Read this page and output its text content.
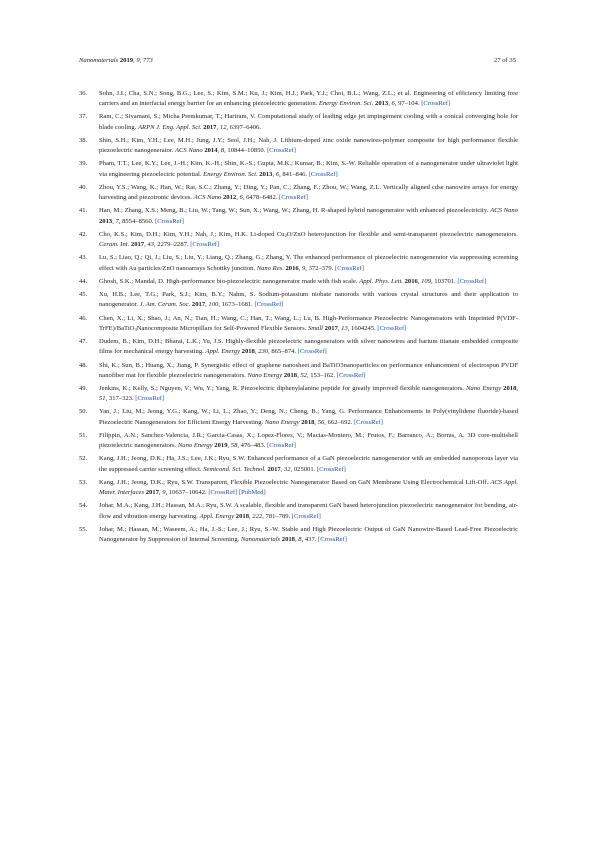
Nanomaterials 2019, 9, 773	27 of 35
36.	Sohn, J.I.; Cha, S.N.; Song, B.G.; Lee, S.; Kim, S.M.; Ku, J.; Kim, H.J.; Park, Y.J.; Choi, B.L.; Wang, Z.L.; et al. Engineering of efficiency limiting free carriers and an interfacial energy barrier for an enhancing piezoelectric generation. Energy Environ. Sci. 2013, 6, 97–104. [CrossRef]
37.	Ram, C.; Sivamani, S.; Micha Premkumar, T.; Hariram, V. Computational study of leading edge jet impingement cooling with a conical converging hole for blade cooling. ARPN J. Eng. Appl. Sci. 2017, 12, 6397–6406.
38.	Shin, S.H.; Kim, Y.H.; Lee, M.H.; Jung, J.Y.; Seol, J.H.; Nah, J. Lithium-doped zinc oxide nanowires-polymer composite for high performance flexible piezoelectric nanogenerator. ACS Nano 2014, 8, 10844–10850. [CrossRef]
39.	Pham, T.T.; Lee, K.Y.; Lee, J.-H.; Kim, K.-H.; Shin, K.-S.; Gupta, M.K.; Kumar, B.; Kim, S.-W. Reliable operation of a nanogenerator under ultraviolet light via engineering piezoelectric potential. Energy Environ. Sci. 2013, 6, 841–846. [CrossRef]
40.	Zhou, Y.S.; Wang, K.; Han, W.; Rai, S.C.; Zhang, Y.; Ding, Y.; Pan, C.; Zhang, F.; Zhou, W.; Wang, Z.L. Vertically aligned cdse nanowire arrays for energy harvesting and piezotronic devices. ACS Nano 2012, 6, 6478–6482. [CrossRef]
41.	Han, M.; Zhang, X.S.; Meng, B.; Liu, W.; Tang, W.; Sun, X.; Wang, W.; Zhang, H. R-shaped hybrid nanogenerator with enhanced piezoelectricity. ACS Nano 2013, 7, 8554–8560. [CrossRef]
42.	Cho, K.S.; Kim, D.H.; Kim, Y.H.; Nah, J.; Kim, H.K. Li-doped $Cu_2O$/ZnO heterojunction for flexible and semi-transparent piezoelectric nanogenerators. Ceram. Int. 2017, 43, 2279–2287. [CrossRef]
43.	Lu, S.; Liao, Q.; Qi, J.; Liu, S.; Liu, Y.; Liang, Q.; Zhang, G.; Zhang, Y. The enhanced performance of piezoelectric nanogenerator via suppressing screening effect with Au particles/ZnO nanoarrays Schottky junction. Nano Res. 2016, 9, 372–379. [CrossRef]
44.	Ghosh, S.K.; Mandal, D. High-performance bio-piezoelectric nanogenerator made with fish scale. Appl. Phys. Lett. 2016, 109, 103701. [CrossRef]
45.	Xu, H.B.; Lee, T.G.; Park, S.J.; Kim, B.Y.; Nahm, S. Sodium-potassium niobate nanorods with various crystal structures and their application to nanogenerator. J. Am. Ceram. Soc. 2017, 100, 1673–1681. [CrossRef]
46.	Chen, X.; Li, X.; Shao, J.; An, N.; Tian, H.; Wang, C.; Han, T.; Wang, L.; Lu, B. High-Performance Piezoelectric Nanogenerators with Imprinted P(VDF-TrFE)/BaTiO$_3$Nanocomposite Micropillars for Self-Powered Flexible Sensors. Small 2017, 13, 1604245. [CrossRef]
47.	Dudem, B.; Kim, D.H.; Bharat, L.K.; Yu, J.S. Highly-flexible piezoelectric nanogenerators with silver nanowires and barium titanate embedded composite films for mechanical energy harvesting. Appl. Energy 2018, 230, 865–874. [CrossRef]
48.	Shi, K.; Sun, B.; Huang, X.; Jiang, P. Synergistic effect of graphene nanosheet and BaTiO3nanoparticles on performance enhancement of electrospun PVDF nanofiber mat for flexible piezoelectric nanogenerators. Nano Energy 2018, 52, 153–162. [CrossRef]
49.	Jenkins, K.; Kelly, S.; Nguyen, V.; Wu, Y.; Yang, R. Piezoelectric diphenylalanine peptide for greatly improved flexible nanogenerators. Nano Energy 2018, 51, 317–323. [CrossRef]
50.	Yan, J.; Liu, M.; Jeong, Y.G.; Kang, W.; Li, L.; Zhao, Y.; Deng, N.; Cheng, B.; Yang, G. Performance Enhancements in Poly(vinylidene fluoride)-based Piezoelectric Nanogenerators for Efficient Energy Harvesting. Nano Energy 2018, 56, 662–692. [CrossRef]
51.	Filippin, A.N.; Sanchez-Valencia, J.R.; Garcia-Casas, X.; Lopez-Flores, V.; Macias-Montero, M.; Frutos, F.; Barranco, A.; Borras, A. 3D core-multishell piezoelectric nanogenerators. Nano Energy 2019, 58, 476–483. [CrossRef]
52.	Kang, J.H.; Jeong, D.K.; Ha, J.S.; Lee, J.K.; Ryu, S.W. Enhanced performance of a GaN piezoelectric nanogenerator with an embedded nanoporous layer via the suppressed carrier screening effect. Semicond. Sci. Technol. 2017, 32, 025001. [CrossRef]
53.	Kang, J.H.; Jeong, D.K.; Ryu, S.W. Transparent, Flexible Piezoelectric Nanogenerator Based on GaN Membrane Using Electrochemical Lift-Off. ACS Appl. Mater. Interfaces 2017, 9, 10637–10642. [CrossRef] [PubMed]
54.	Johar, M.A.; Kang, J.H.; Hassan, M.A.; Ryu, S.W. A scalable, flexible and transparent GaN based heterojunction piezoelectric nanogenerator for bending, air-flow and vibration energy harvesting. Appl. Energy 2018, 222, 781–789. [CrossRef]
55.	Johar, M.; Hassan, M.; Waseem, A.; Ha, J.-S.; Lee, J.; Ryu, S.-W. Stable and High Piezoelectric Output of GaN Nanowire-Based Lead-Free Piezoelectric Nanogenerator by Suppression of Internal Screening. Nanomaterials 2018, 8, 437. [CrossRef]
